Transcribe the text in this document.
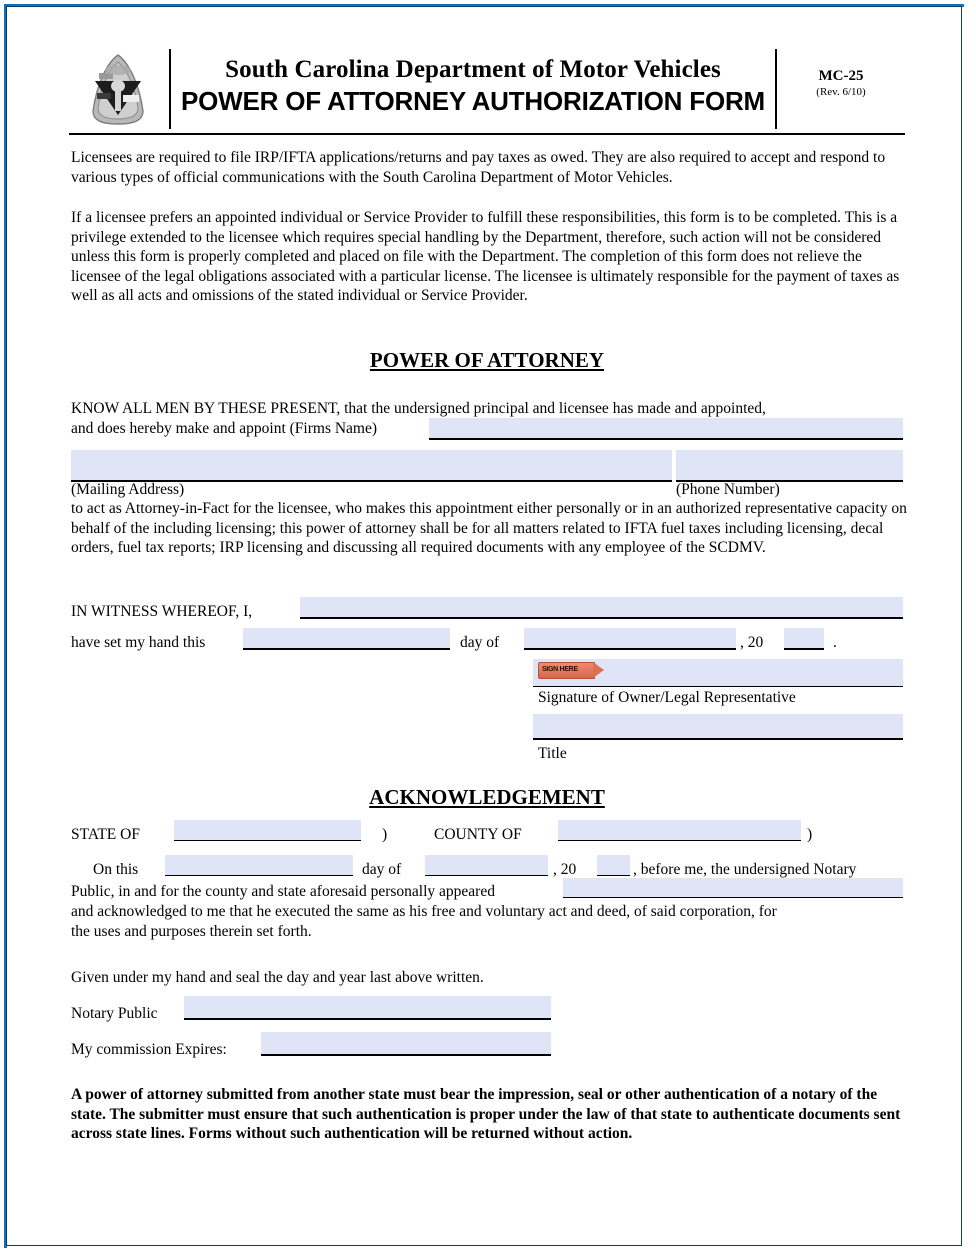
South Carolina Department of Motor Vehicles
POWER OF ATTORNEY AUTHORIZATION FORM
MC-25
(Rev. 6/10)
Licensees are required to file IRP/IFTA applications/returns and pay taxes as owed. They are also required to accept and respond to various types of official communications with the South Carolina Department of Motor Vehicles.
If a licensee prefers an appointed individual or Service Provider to fulfill these responsibilities, this form is to be completed. This is a privilege extended to the licensee which requires special handling by the Department, therefore, such action will not be considered unless this form is properly completed and placed on file with the Department. The completion of this form does not relieve the licensee of the legal obligations associated with a particular license. The licensee is ultimately responsible for the payment of taxes as well as all acts and omissions of the stated individual or Service Provider.
POWER OF ATTORNEY
KNOW ALL MEN BY THESE PRESENT, that the undersigned principal and licensee has made and appointed,
and does hereby make and appoint (Firms Name)
(Mailing Address)	(Phone Number)
to act as Attorney-in-Fact for the licensee, who makes this appointment either personally or in an authorized representative capacity on behalf of the including licensing; this power of attorney shall be for all matters related to IFTA fuel taxes including licensing, decal orders, fuel tax reports; IRP licensing and discussing all required documents with any employee of the SCDMV.
IN WITNESS WHEREOF, I,
have set my hand this	day of	, 20	.
SIGN HERE
Signature of Owner/Legal Representative
Title
ACKNOWLEDGEMENT
STATE OF	)	COUNTY OF	)
On this	day of	, 20	, before me, the undersigned Notary
Public, in and for the county and state aforesaid personally appeared
and acknowledged to me that he executed the same as his free and voluntary act and deed, of said corporation, for
the uses and purposes therein set forth.
Given under my hand and seal the day and year last above written.
Notary Public
My commission Expires:
A power of attorney submitted from another state must bear the impression, seal or other authentication of a notary of the state. The submitter must ensure that such authentication is proper under the law of that state to authenticate documents sent across state lines. Forms without such authentication will be returned without action.
